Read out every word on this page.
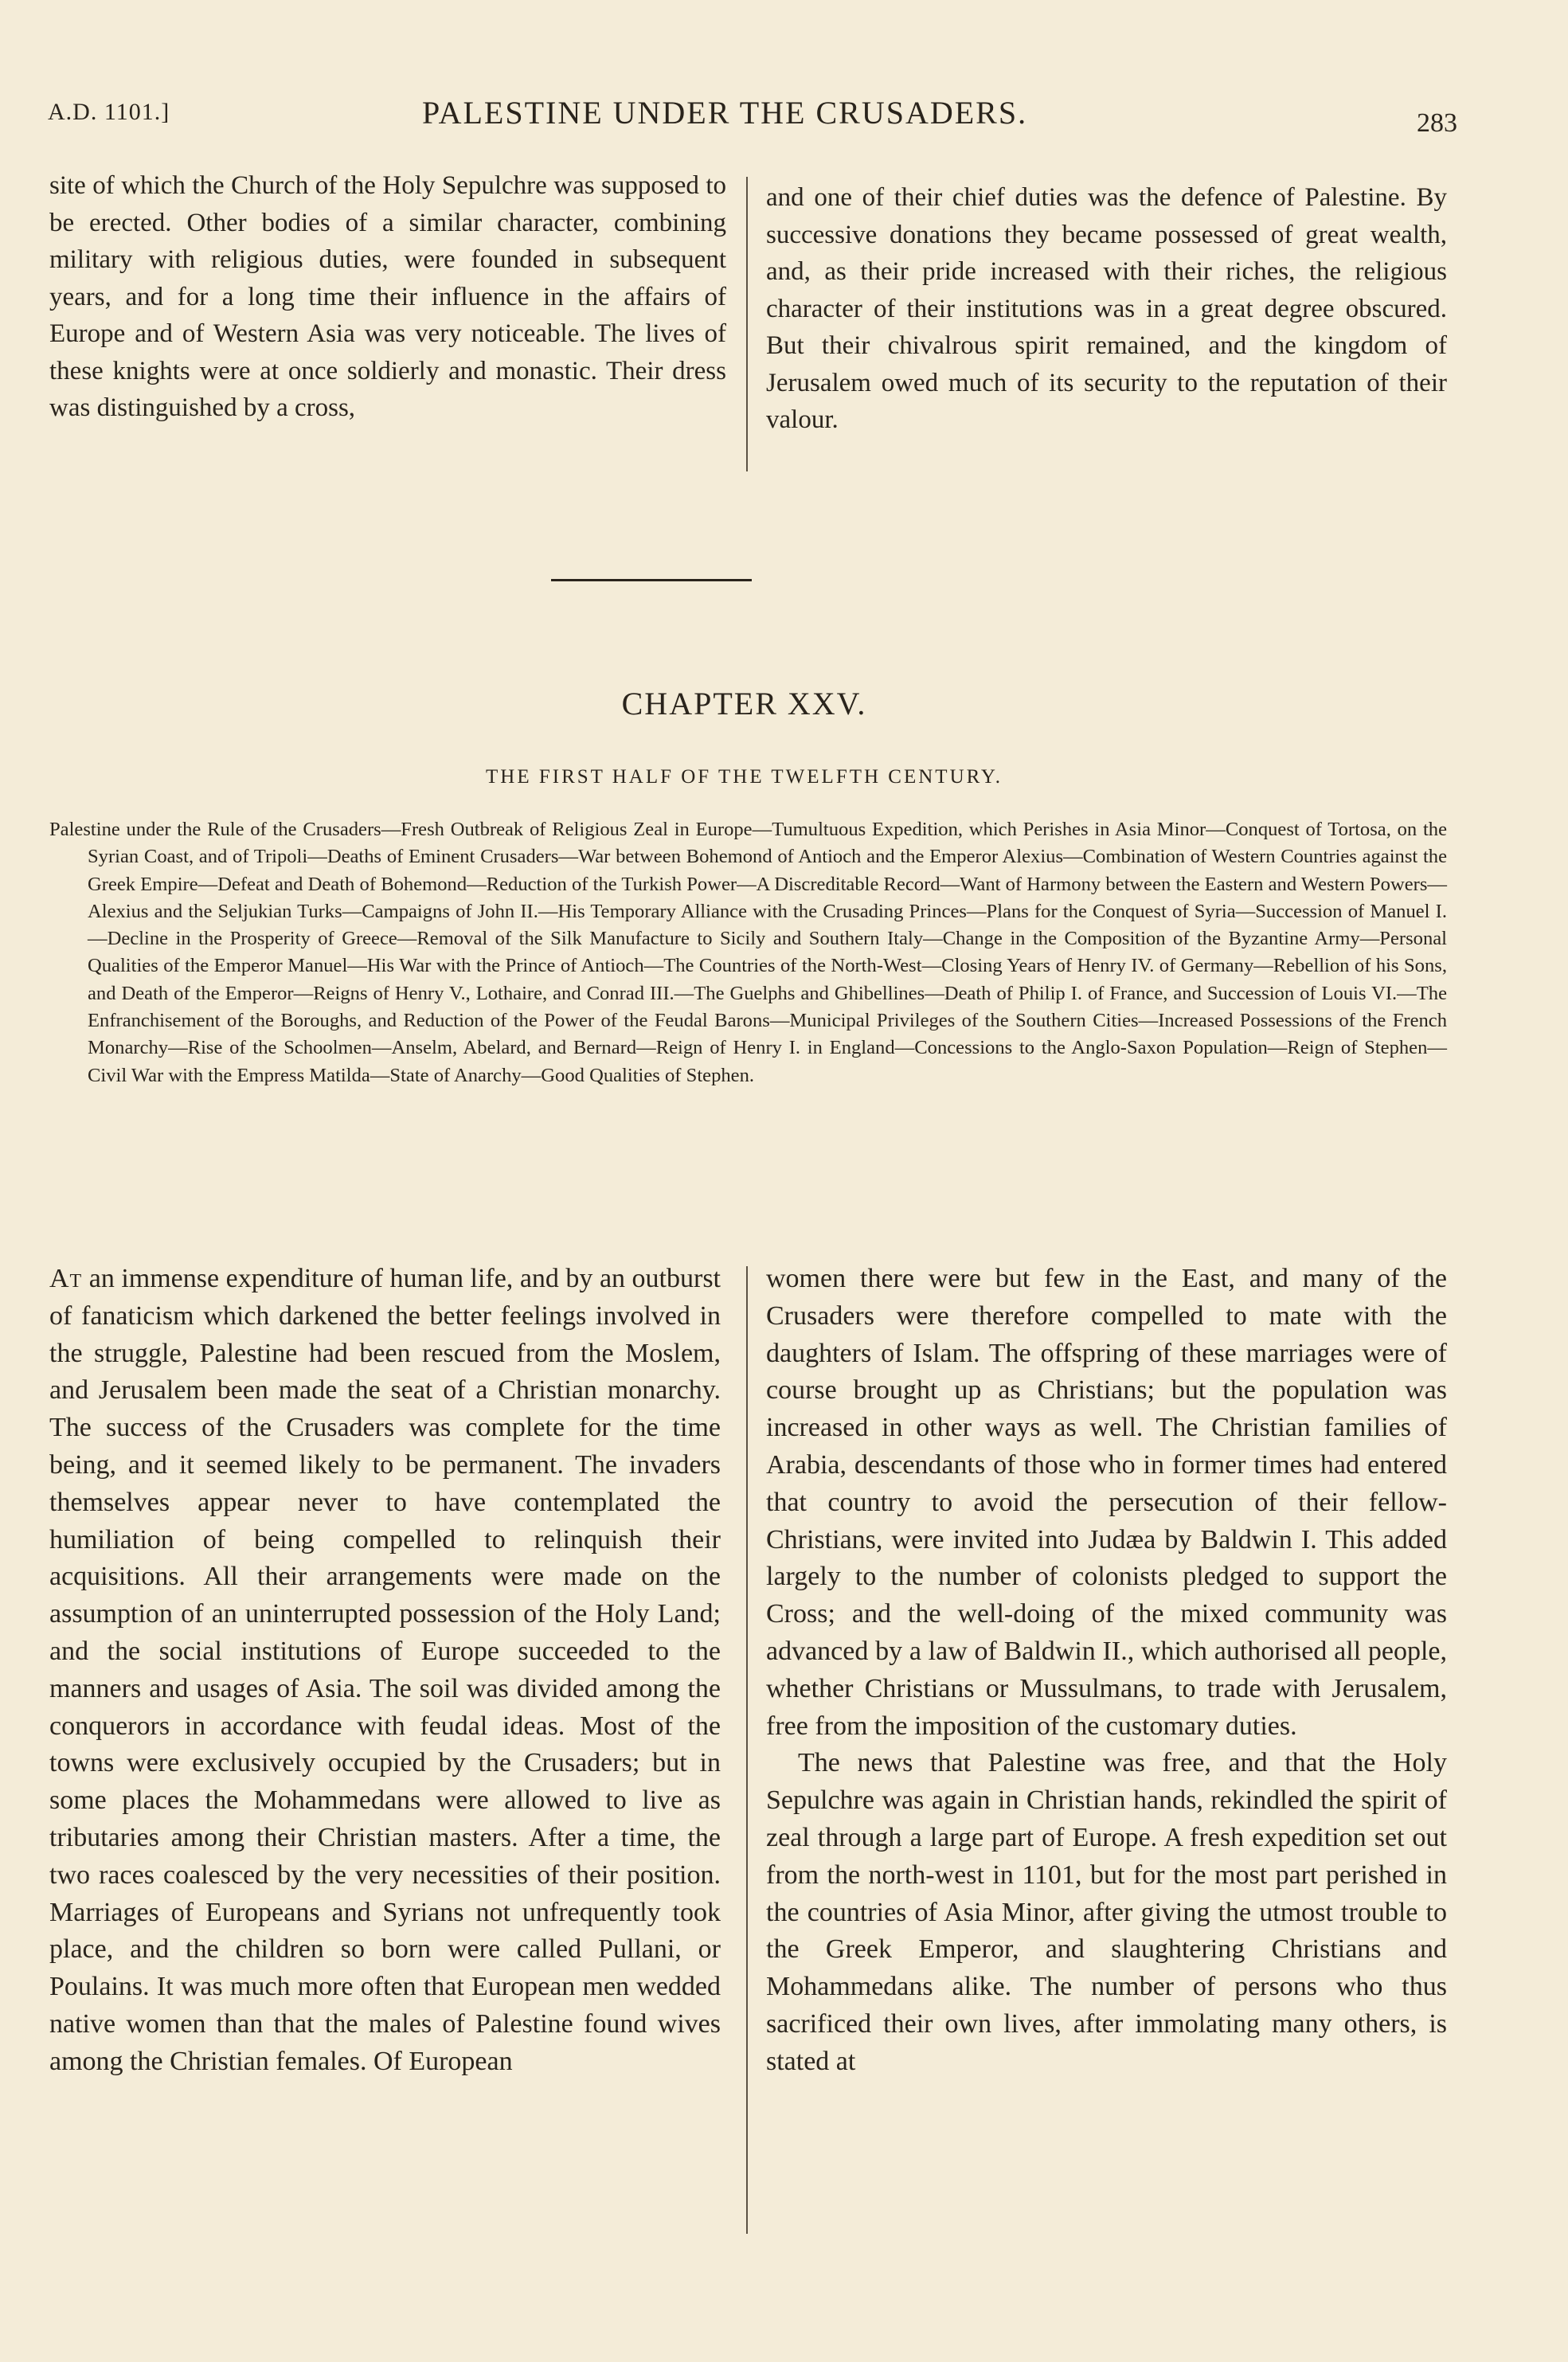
A.D. 1101.]	PALESTINE UNDER THE CRUSADERS.	283
site of which the Church of the Holy Sepulchre was supposed to be erected. Other bodies of a similar character, combining military with religious duties, were founded in subsequent years, and for a long time their influence in the affairs of Europe and of Western Asia was very noticeable. The lives of these knights were at once soldierly and monastic. Their dress was distinguished by a cross,
and one of their chief duties was the defence of Palestine. By successive donations they became possessed of great wealth, and, as their pride increased with their riches, the religious character of their institutions was in a great degree obscured. But their chivalrous spirit remained, and the kingdom of Jerusalem owed much of its security to the reputation of their valour.
CHAPTER XXV.
THE FIRST HALF OF THE TWELFTH CENTURY.
Palestine under the Rule of the Crusaders—Fresh Outbreak of Religious Zeal in Europe—Tumultuous Expedition, which Perishes in Asia Minor—Conquest of Tortosa, on the Syrian Coast, and of Tripoli—Deaths of Eminent Crusaders—War between Bohemond of Antioch and the Emperor Alexius—Combination of Western Countries against the Greek Empire—Defeat and Death of Bohemond—Reduction of the Turkish Power—A Discreditable Record—Want of Harmony between the Eastern and Western Powers—Alexius and the Seljukian Turks—Campaigns of John II.—His Temporary Alliance with the Crusading Princes—Plans for the Conquest of Syria—Succession of Manuel I.—Decline in the Prosperity of Greece—Removal of the Silk Manufacture to Sicily and Southern Italy—Change in the Composition of the Byzantine Army—Personal Qualities of the Emperor Manuel—His War with the Prince of Antioch—The Countries of the North-West—Closing Years of Henry IV. of Germany—Rebellion of his Sons, and Death of the Emperor—Reigns of Henry V., Lothaire, and Conrad III.—The Guelphs and Ghibellines—Death of Philip I. of France, and Succession of Louis VI.—The Enfranchisement of the Boroughs, and Reduction of the Power of the Feudal Barons—Municipal Privileges of the Southern Cities—Increased Possessions of the French Monarchy—Rise of the Schoolmen—Anselm, Abelard, and Bernard—Reign of Henry I. in England—Concessions to the Anglo-Saxon Population—Reign of Stephen—Civil War with the Empress Matilda—State of Anarchy—Good Qualities of Stephen.

At an immense expenditure of human life, and by an outburst of fanaticism which darkened the better feelings involved in the struggle, Palestine had been rescued from the Moslem, and Jerusalem been made the seat of a Christian monarchy. The success of the Crusaders was complete for the time being, and it seemed likely to be permanent. The invaders themselves appear never to have contemplated the humiliation of being compelled to relinquish their acquisitions. All their arrangements were made on the assumption of an uninterrupted possession of the Holy Land; and the social institutions of Europe succeeded to the manners and usages of Asia. The soil was divided among the conquerors in accordance with feudal ideas. Most of the towns were exclusively occupied by the Crusaders; but in some places the Mohammedans were allowed to live as tributaries among their Christian masters. After a time, the two races coalesced by the very necessities of their position. Marriages of Europeans and Syrians not unfrequently took place, and the children so born were called Pullani, or Poulains. It was much more often that European men wedded native women than that the males of Palestine found wives among the Christian females. Of European

women there were but few in the East, and many of the Crusaders were therefore compelled to mate with the daughters of Islam. The offspring of these marriages were of course brought up as Christians; but the population was increased in other ways as well. The Christian families of Arabia, descendants of those who in former times had entered that country to avoid the persecution of their fellow-Christians, were invited into Judæa by Baldwin I. This added largely to the number of colonists pledged to support the Cross; and the well-doing of the mixed community was advanced by a law of Baldwin II., which authorised all people, whether Christians or Mussulmans, to trade with Jerusalem, free from the imposition of the customary duties.

The news that Palestine was free, and that the Holy Sepulchre was again in Christian hands, rekindled the spirit of zeal through a large part of Europe. A fresh expedition set out from the north-west in 1101, but for the most part perished in the countries of Asia Minor, after giving the utmost trouble to the Greek Emperor, and slaughtering Christians and Mohammedans alike. The number of persons who thus sacrificed their own lives, after immolating many others, is stated at
